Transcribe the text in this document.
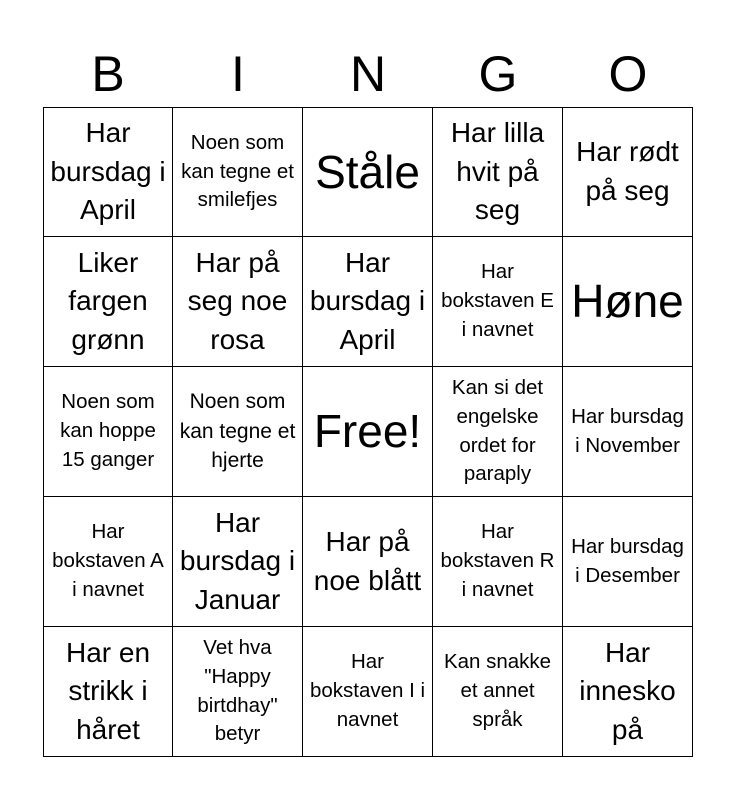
B	I	N	G	O
Har bursdag i April
Noen som kan tegne et smilefjes
Ståle
Har lilla hvit på seg
Har rødt på seg
Liker fargen grønn
Har på seg noe rosa
Har bursdag i April
Har bokstaven E i navnet
Høne
Noen som kan hoppe 15 ganger
Noen som kan tegne et hjerte
Free!
Kan si det engelske ordet for paraply
Har bursdag i November
Har bokstaven A i navnet
Har bursdag i Januar
Har på noe blått
Har bokstaven R i navnet
Har bursdag i Desember
Har en strikk i håret
Vet hva "Happy birtdhay" betyr
Har bokstaven I i navnet
Kan snakke et annet språk
Har innesko på
